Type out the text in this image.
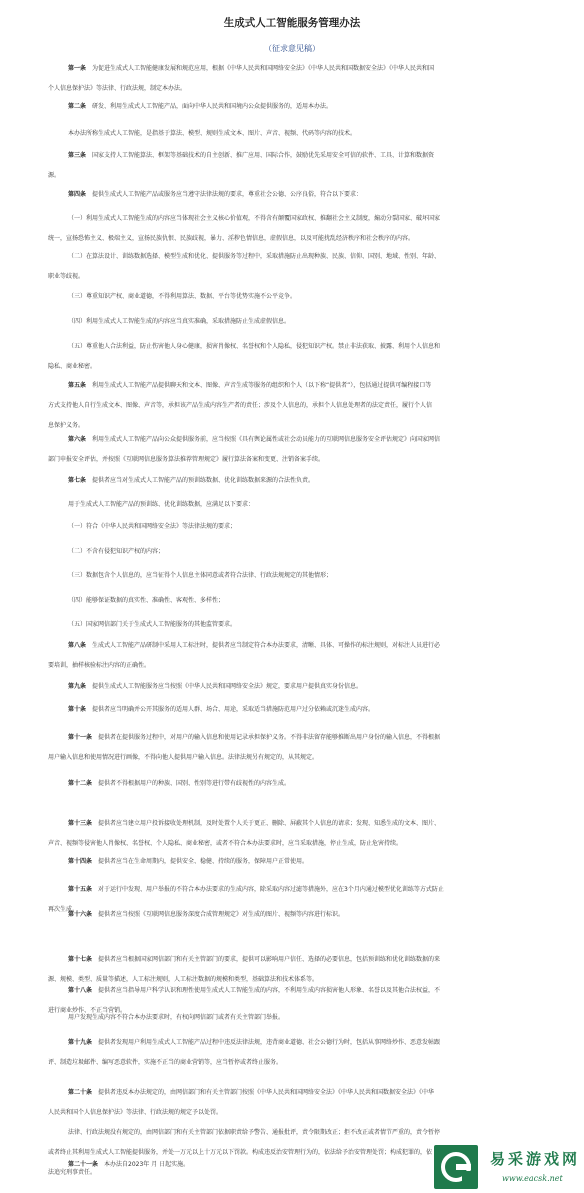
生成式人工智能服务管理办法

（征求意见稿）

第一条 为促进生成式人工智能健康发展和规范应用，根据《中华人民共和国网络安全法》《中华人民共和国数据安全法》《中华人民共和国
个人信息保护法》等法律、行政法规，制定本办法。
第二条 研发、利用生成式人工智能产品，面向中华人民共和国境内公众提供服务的，适用本办法。
本办法所称生成式人工智能，是指基于算法、模型、规则生成文本、图片、声音、视频、代码等内容的技术。
第三条 国家支持人工智能算法、框架等基础技术的自主创新、推广应用、国际合作，鼓励优先采用安全可信的软件、工具、计算和数据资
源。
第四条 提供生成式人工智能产品或服务应当遵守法律法规的要求，尊重社会公德、公序良俗，符合以下要求：
（一）利用生成式人工智能生成的内容应当体现社会主义核心价值观，不得含有颠覆国家政权、推翻社会主义制度，煽动分裂国家、破坏国家
统一，宣扬恐怖主义、极端主义，宣扬民族仇恨、民族歧视，暴力、淫秽色情信息，虚假信息，以及可能扰乱经济秩序和社会秩序的内容。
（二）在算法设计、训练数据选择、模型生成和优化、提供服务等过程中，采取措施防止出现种族、民族、信仰、国别、地域、性别、年龄、
职业等歧视。
（三）尊重知识产权、商业道德，不得利用算法、数据、平台等优势实施不公平竞争。
（四）利用生成式人工智能生成的内容应当真实准确，采取措施防止生成虚假信息。
（五）尊重他人合法利益，防止伤害他人身心健康，损害肖像权、名誉权和个人隐私，侵犯知识产权。禁止非法获取、披露、利用个人信息和
隐私、商业秘密。
第五条 利用生成式人工智能产品提供聊天和文本、图像、声音生成等服务的组织和个人（以下称“提供者”），包括通过提供可编程接口等
方式支持他人自行生成文本、图像、声音等，承担该产品生成内容生产者的责任；涉及个人信息的，承担个人信息处理者的法定责任，履行个人信
息保护义务。
第六条 利用生成式人工智能产品向公众提供服务前，应当按照《具有舆论属性或社会动员能力的互联网信息服务安全评估规定》向国家网信
部门申报安全评估，并按照《互联网信息服务算法推荐管理规定》履行算法备案和变更、注销备案手续。
第七条 提供者应当对生成式人工智能产品的预训练数据、优化训练数据来源的合法性负责。
用于生成式人工智能产品的预训练、优化训练数据，应满足以下要求：
（一）符合《中华人民共和国网络安全法》等法律法规的要求；
（二）不含有侵犯知识产权的内容；
（三）数据包含个人信息的，应当征得个人信息主体同意或者符合法律、行政法规规定的其他情形；
（四）能够保证数据的真实性、准确性、客观性、多样性；
（五）国家网信部门关于生成式人工智能服务的其他监管要求。
第八条 生成式人工智能产品研制中采用人工标注时，提供者应当制定符合本办法要求，清晰、具体、可操作的标注规则，对标注人员进行必
要培训，抽样核验标注内容的正确性。
第九条 提供生成式人工智能服务应当按照《中华人民共和国网络安全法》规定，要求用户提供真实身份信息。
第十条 提供者应当明确并公开其服务的适用人群、场合、用途，采取适当措施防范用户过分依赖或沉迷生成内容。
第十一条 提供者在提供服务过程中，对用户的输入信息和使用记录承担保护义务。不得非法留存能够推断出用户身份的输入信息，不得根据
用户输入信息和使用情况进行画像，不得向他人提供用户输入信息。法律法规另有规定的，从其规定。
第十二条 提供者不得根据用户的种族、国别、性别等进行带有歧视性的内容生成。
第十三条 提供者应当建立用户投诉接收处理机制，及时处置个人关于更正、删除、屏蔽其个人信息的请求；发现、知悉生成的文本、图片、
声音、视频等侵害他人肖像权、名誉权、个人隐私、商业秘密，或者不符合本办法要求时，应当采取措施，停止生成，防止危害持续。
第十四条 提供者应当在生命周期内，提供安全、稳健、持续的服务，保障用户正常使用。
第十五条 对于运行中发现、用户举报的不符合本办法要求的生成内容，除采取内容过滤等措施外，应在3个月内通过模型优化训练等方式防止
再次生成。
第十六条 提供者应当按照《互联网信息服务深度合成管理规定》对生成的图片、视频等内容进行标识。
第十七条 提供者应当根据国家网信部门和有关主管部门的要求，提供可以影响用户信任、选择的必要信息，包括预训练和优化训练数据的来
源、规模、类型、质量等描述，人工标注规则，人工标注数据的规模和类型，基础算法和技术体系等。
第十八条 提供者应当指导用户科学认识和理性使用生成式人工智能生成的内容，不利用生成内容损害他人形象、名誉以及其他合法权益，不
进行商业炒作、不正当营销。
用户发现生成内容不符合本办法要求时，有权向网信部门或者有关主管部门举报。
第十九条 提供者发现用户利用生成式人工智能产品过程中违反法律法规，违背商业道德、社会公德行为时，包括从事网络炒作、恶意发帖跟
评、制造垃圾邮件、编写恶意软件，实施不正当的商业营销等，应当暂停或者终止服务。
第二十条 提供者违反本办法规定的，由网信部门和有关主管部门按照《中华人民共和国网络安全法》《中华人民共和国数据安全法》《中华
人民共和国个人信息保护法》等法律、行政法规的规定予以处罚。
法律、行政法规没有规定的，由网信部门和有关主管部门依据职责给予警告、通报批评，责令限期改正；拒不改正或者情节严重的，责令暂停
或者终止其利用生成式人工智能提供服务，并处一万元以上十万元以下罚款。构成违反治安管理行为的，依法给予治安管理处罚；构成犯罪的，依
法追究刑事责任。
第二十一条 本办法自2023年 月 日起实施。	易采游戏网
www.eacsk.net
